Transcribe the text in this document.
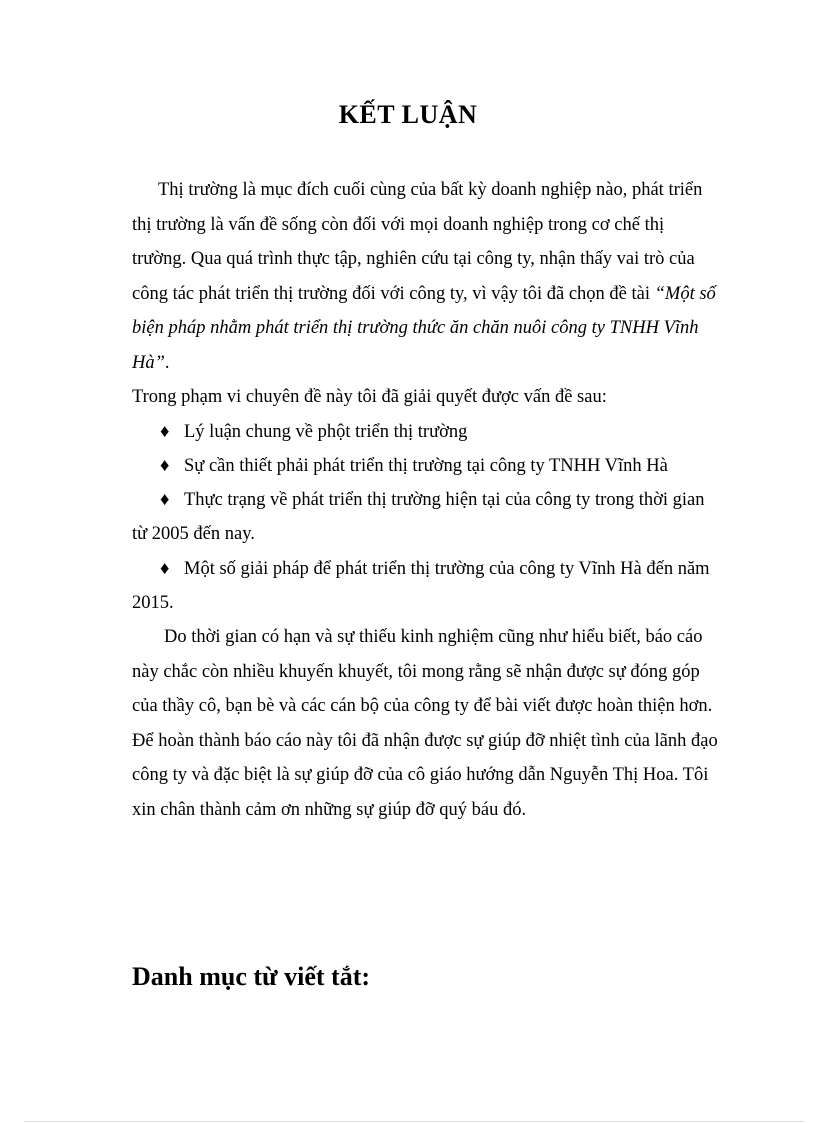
KẾT LUẬN
Thị trường là mục đích cuối cùng của bất kỳ doanh nghiệp nào, phát triển thị trường là vấn đề sống còn đối với mọi doanh nghiệp trong cơ chế thị trường. Qua quá trình thực tập, nghiên cứu tại công ty, nhận thấy vai trò của công tác phát triển thị trường đối với công ty, vì vậy tôi đã chọn đề tài “Một số biện pháp nhằm phát triển thị trường thức ăn chăn nuôi công ty TNHH Vĩnh Hà”.
Trong phạm vi chuyên đề này tôi đã giải quyết được vấn đề sau:
♦ Lý luận chung về phột triển thị trường
♦ Sự cần thiết phải phát triển thị trường tại công ty TNHH Vĩnh Hà
♦ Thực trạng về phát triển thị trường hiện tại của công ty trong thời gian
từ 2005 đến nay.
♦ Một số giải pháp để phát triển thị trường của công ty Vĩnh Hà đến năm
2015.
Do thời gian có hạn và sự thiếu kinh nghiệm cũng như hiểu biết, báo cáo này chắc còn nhiều khuyến khuyết, tôi mong rằng sẽ nhận được sự đóng góp của thầy cô, bạn bè và các cán bộ của công ty để bài viết được hoàn thiện hơn. Để hoàn thành báo cáo này tôi đã nhận được sự giúp đỡ nhiệt tình của lãnh đạo công ty và đặc biệt là sự giúp đỡ của cô giáo hướng dẫn Nguyễn Thị Hoa. Tôi xin chân thành cảm ơn những sự giúp đỡ quý báu đó.
Danh mục từ viết tắt:
